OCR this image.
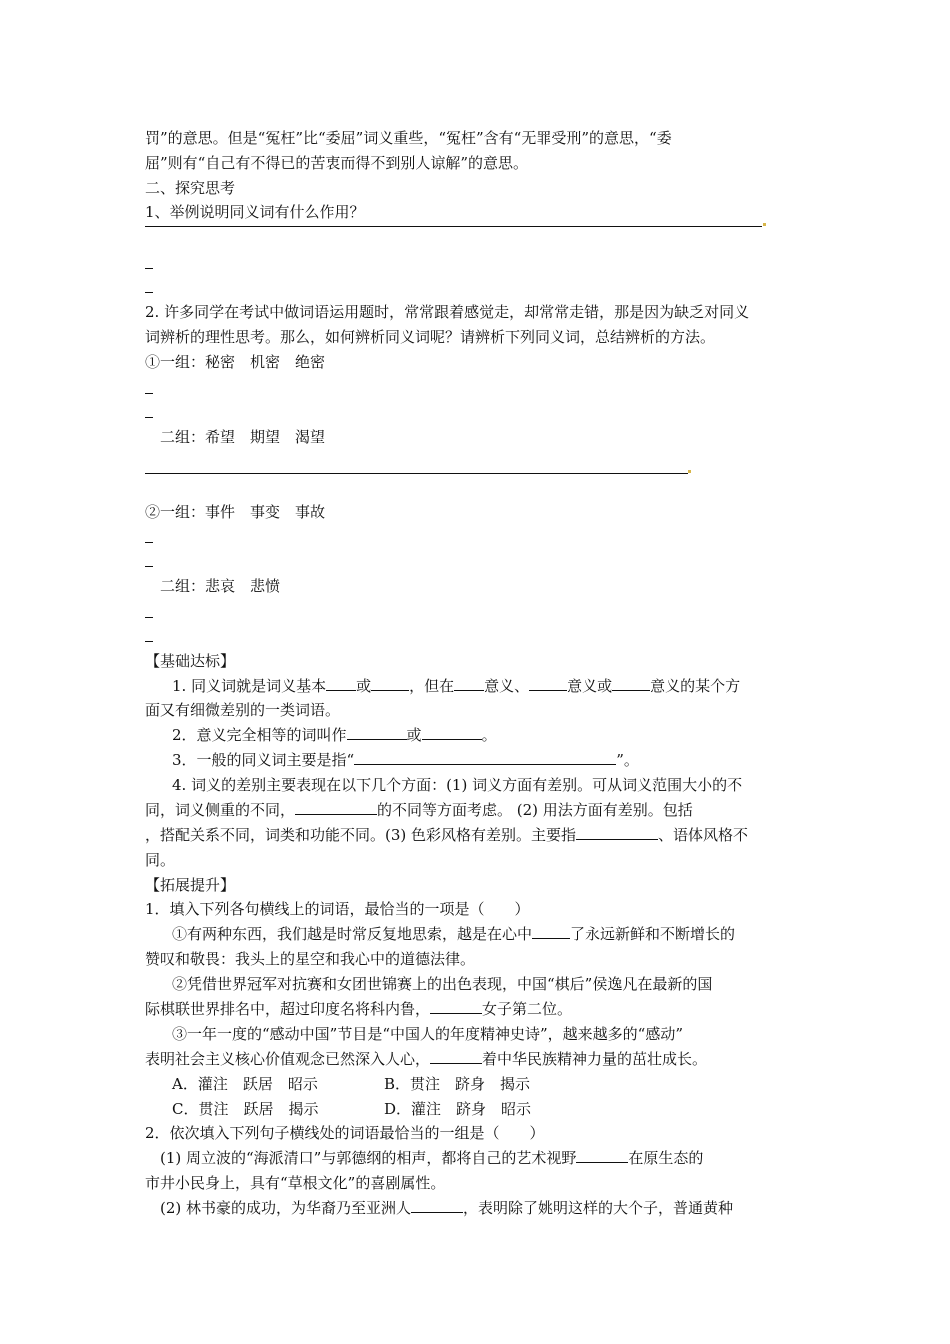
罚”的意思。但是“冤枉”比“委屈”词义重些，“冤枉”含有“无罪受刑”的意思，“委
屈”则有“自己有不得已的苦衷而得不到别人谅解”的意思。
二、探究思考
1、举例说明同义词有什么作用？
2. 许多同学在考试中做词语运用题时，常常跟着感觉走，却常常走错，那是因为缺乏对同义
词辨析的理性思考。那么，如何辨析同义词呢？请辨析下列同义词，总结辨析的方法。
①一组：秘密　机密　绝密
二组：希望　期望　渴望
②一组：事件　事变　事故
二组：悲哀　悲愤
【基础达标】
1. 同义词就是词义基本 或	，但在 意义、	意义或	意义的某个方
面又有细微差别的一类词语。
2．意义完全相等的词叫作	或	。
3．一般的同义词主要是指“	”。
4. 词义的差别主要表现在以下几个方面：(1) 词义方面有差别。可从词义范围大小的不
同，词义侧重的不同，	的不同等方面考虑。 (2) 用法方面有差别。包括
，搭配关系不同，词类和功能不同。(3) 色彩风格有差别。主要指	、语体风格不
同。
【拓展提升】
1．填入下列各句横线上的词语，最恰当的一项是（　　）
①有两种东西，我们越是时常反复地思索，越是在心中	了永远新鲜和不断增长的
赞叹和敬畏：我头上的星空和我心中的道德法律。
②凭借世界冠军对抗赛和女团世锦赛上的出色表现，中国“棋后”侯逸凡在最新的国
际棋联世界排名中，超过印度名将科内鲁，	女子第二位。
③一年一度的“感动中国”节目是“中国人的年度精神史诗”，越来越多的“感动”
表明社会主义核心价值观念已然深入人心，	着中华民族精神力量的茁壮成长。
A．灌注　跃居　昭示	B．贯注　跻身　揭示
C．贯注　跃居　揭示	D．灌注　跻身　昭示
2．依次填入下列句子横线处的词语最恰当的一组是（　　）
(1) 周立波的“海派清口”与郭德纲的相声，都将自己的艺术视野	在原生态的
市井小民身上，具有“草根文化”的喜剧属性。
(2) 林书豪的成功，为华裔乃至亚洲人	，表明除了姚明这样的大个子，普通黄种
